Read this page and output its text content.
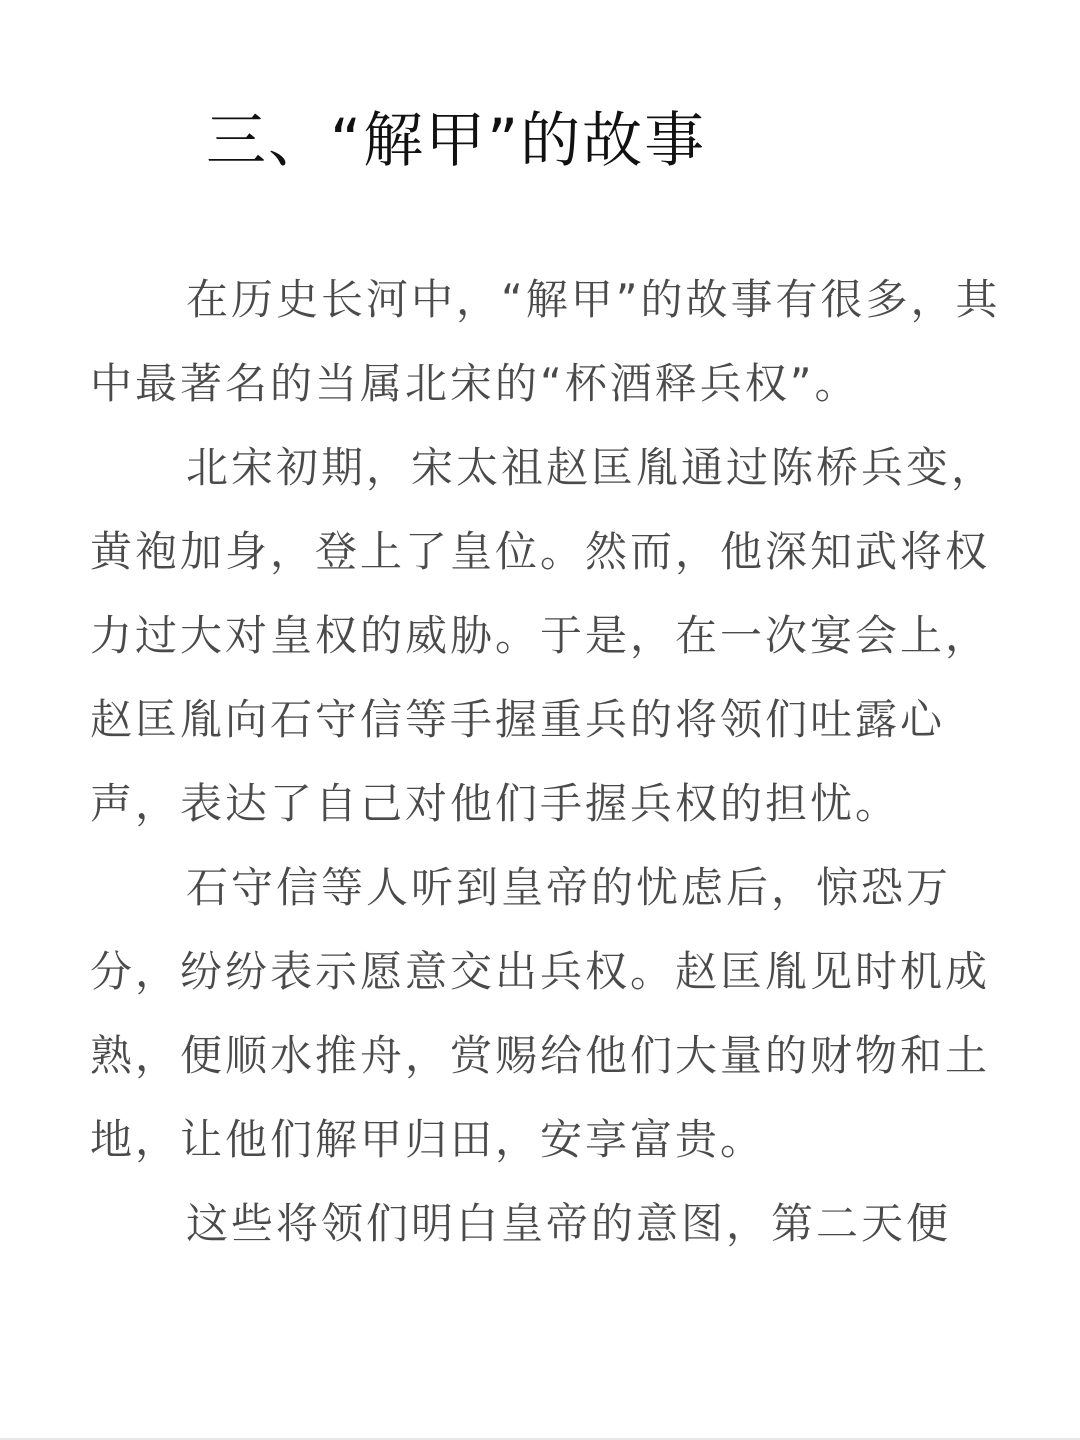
三、“解甲”的故事

在历史长河中，“解甲”的故事有很多，其中最著名的当属北宋的“杯酒释兵权”。

北宋初期，宋太祖赵匡胤通过陈桥兵变，黄袍加身，登上了皇位。然而，他深知武将权力过大对皇权的威胁。于是，在一次宴会上，赵匡胤向石守信等手握重兵的将领们吐露心声，表达了自己对他们手握兵权的担忧。

石守信等人听到皇帝的忧虑后，惊恐万分，纷纷表示愿意交出兵权。赵匡胤见时机成熟，便顺水推舟，赏赐给他们大量的财物和土地，让他们解甲归田，安享富贵。

这些将领们明白皇帝的意图，第二天便
